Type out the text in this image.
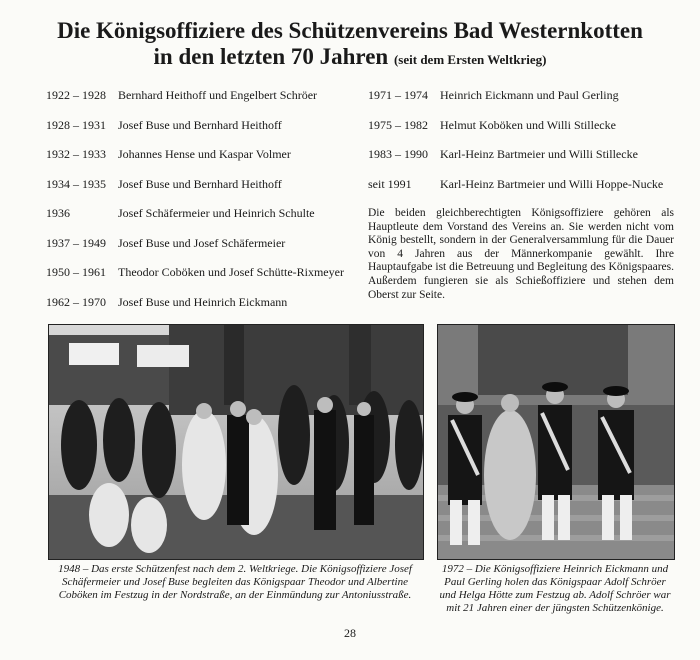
Die Königsoffiziere des Schützenvereins Bad Westernkotten
in den letzten 70 Jahren (seit dem Ersten Weltkrieg)
1922 – 1928	Bernhard Heithoff und Engelbert Schröer
1928 – 1931	Josef Buse und Bernhard Heithoff
1932 – 1933	Johannes Hense und Kaspar Volmer
1934 – 1935	Josef Buse und Bernhard Heithoff
1936	Josef Schäfermeier und Heinrich Schulte
1937 – 1949	Josef Buse und Josef Schäfermeier
1950 – 1961	Theodor Coböken und Josef Schütte-Rixmeyer
1962 – 1970	Josef Buse und Heinrich Eickmann
1971 – 1974	Heinrich Eickmann und Paul Gerling
1975 – 1982	Helmut Koböken und Willi Stillecke
1983 – 1990	Karl-Heinz Bartmeier und Willi Stillecke
seit 1991	Karl-Heinz Bartmeier und Willi Hoppe-Nucke
Die beiden gleichberechtigten Königsoffiziere gehören als Hauptleute dem Vorstand des Vereins an. Sie werden nicht vom König bestellt, sondern in der Generalversammlung für die Dauer von 4 Jahren aus der Männerkompanie gewählt. Ihre Hauptaufgabe ist die Betreuung und Begleitung des Königspaares. Außerdem fungieren sie als Schießoffiziere und stehen dem Oberst zur Seite.
1948 – Das erste Schützenfest nach dem 2. Weltkriege. Die Königsoffiziere Josef Schäfermeier und Josef Buse begleiten das Königspaar Theodor und Albertine Coböken im Festzug in der Nordstraße, an der Einmündung zur Antoniusstraße.
1972 – Die Königsoffiziere Heinrich Eickmann und Paul Gerling holen das Königspaar Adolf Schröer und Helga Hötte zum Festzug ab. Adolf Schröer war mit 21 Jahren einer der jüngsten Schützenkönige.
28
